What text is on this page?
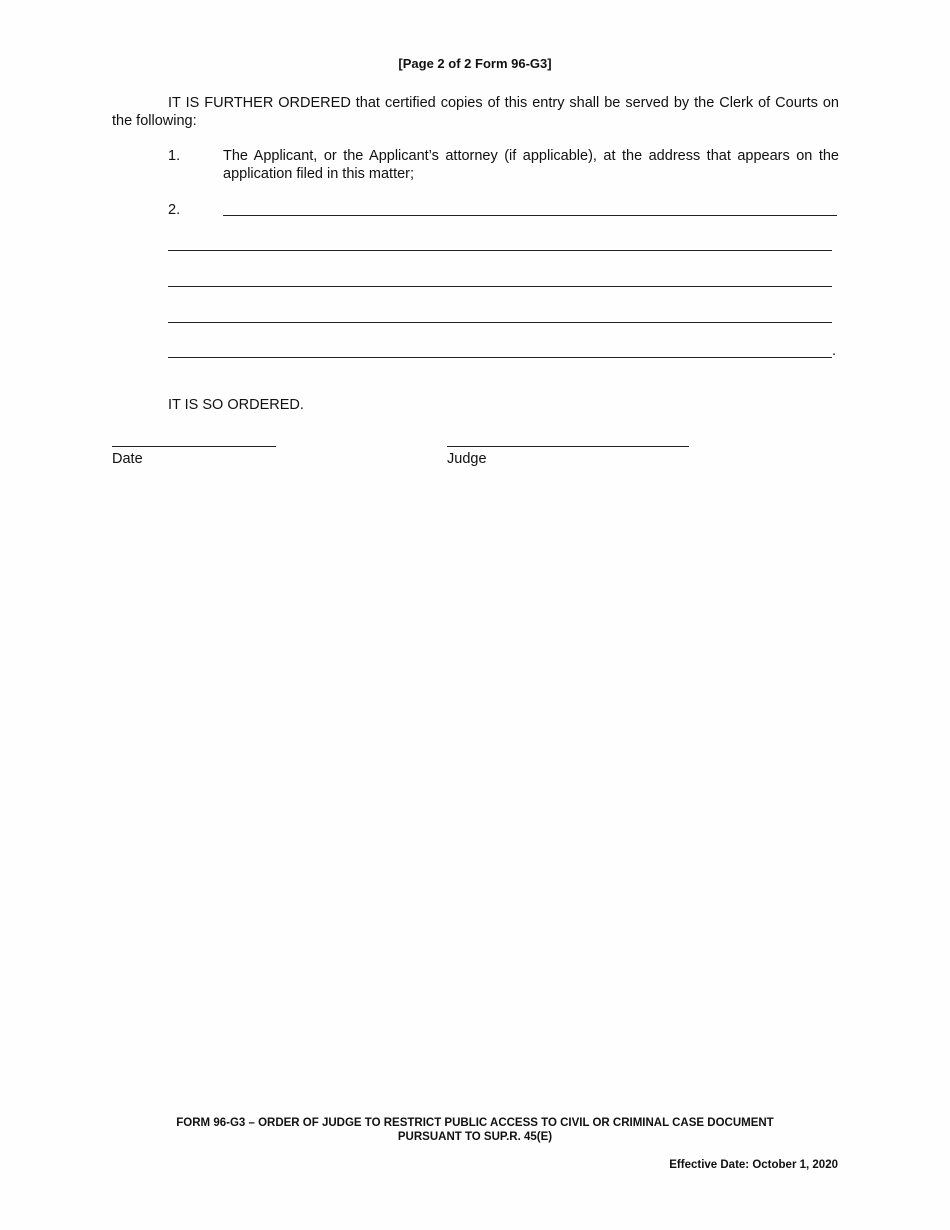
[Page 2 of 2 Form 96-G3]
IT IS FURTHER ORDERED that certified copies of this entry shall be served by the Clerk of Courts on the following:
1.	The Applicant, or the Applicant’s attorney (if applicable), at the address that appears on the application filed in this matter;
2.
.
IT IS SO ORDERED.
Date	Judge
FORM 96-G3 – ORDER OF JUDGE TO RESTRICT PUBLIC ACCESS TO CIVIL OR CRIMINAL CASE DOCUMENT
PURSUANT TO SUP.R. 45(E)
Effective Date: October 1, 2020
